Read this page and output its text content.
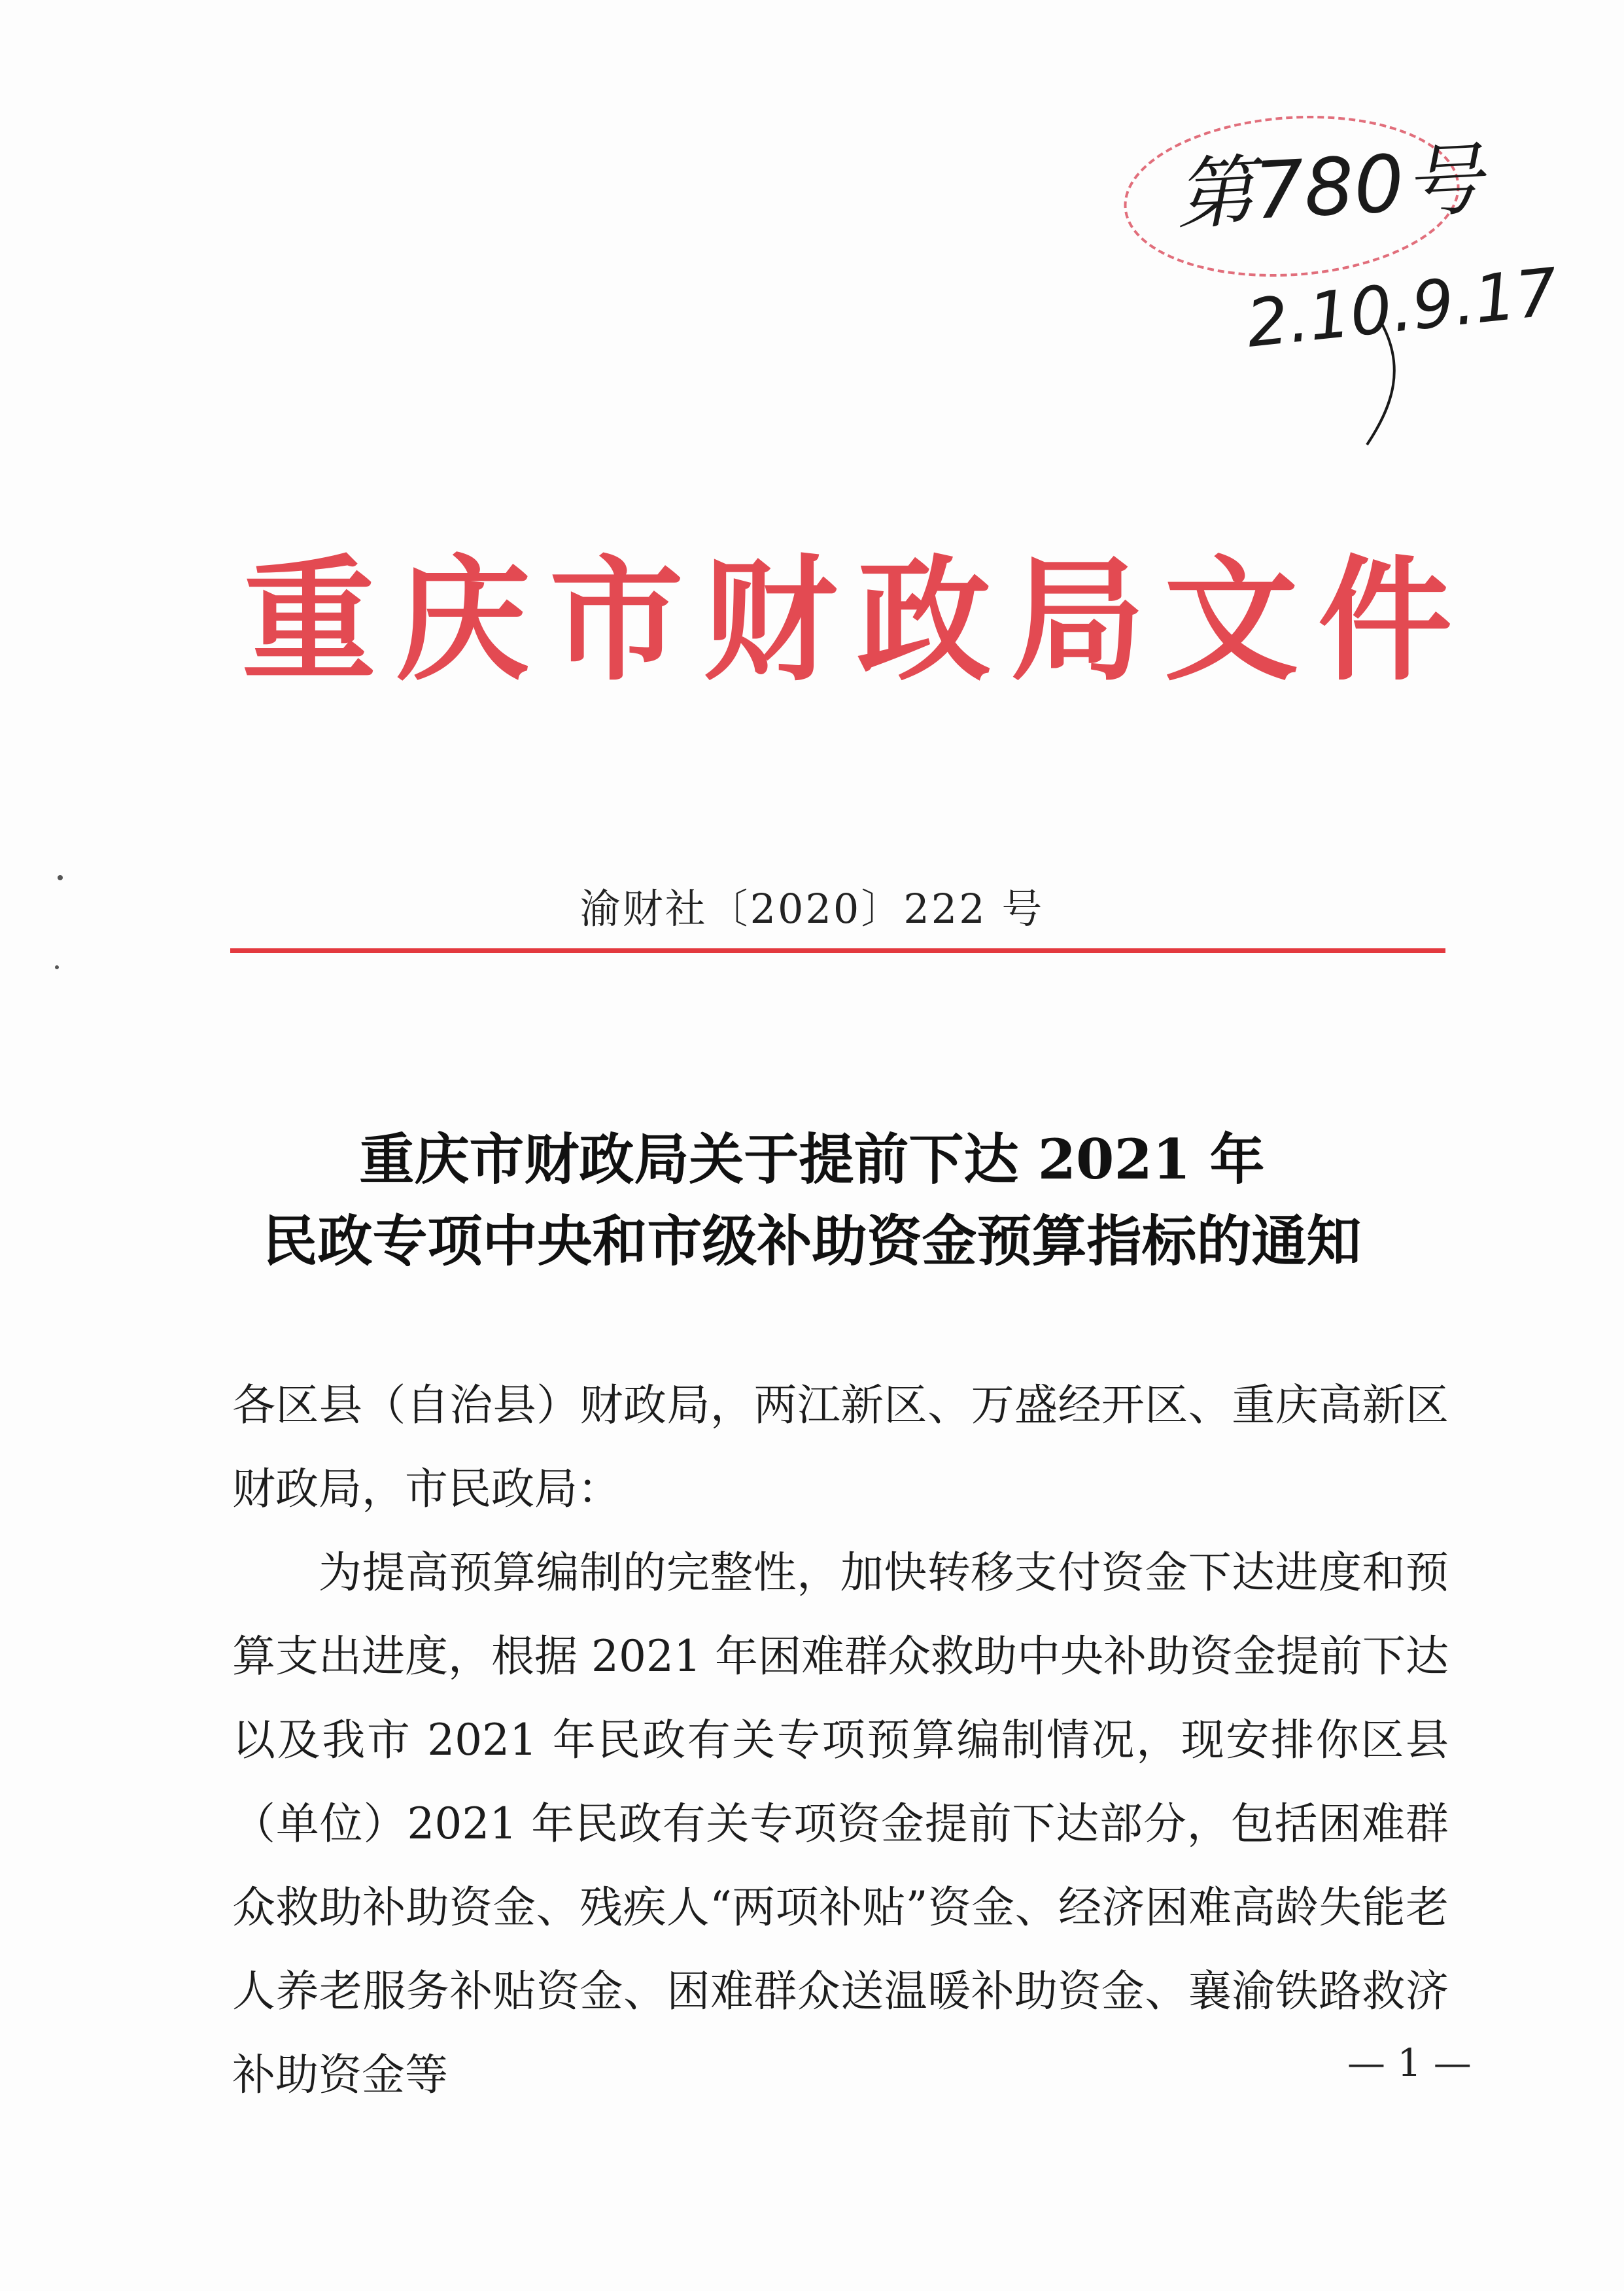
第780号
2.10.9.17
重庆市财政局文件
渝财社〔2020〕222 号
重庆市财政局关于提前下达 2021 年
民政专项中央和市级补助资金预算指标的通知

各区县（自治县）财政局，两江新区、万盛经开区、重庆高新区财政局，市民政局：

为提高预算编制的完整性，加快转移支付资金下达进度和预算支出进度，根据 2021 年困难群众救助中央补助资金提前下达以及我市 2021 年民政有关专项预算编制情况，现安排你区县（单位）2021 年民政有关专项资金提前下达部分，包括困难群众救助补助资金、残疾人“两项补贴”资金、经济困难高龄失能老人养老服务补贴资金、困难群众送温暖补助资金、襄渝铁路救济补助资金等	— 1 —
